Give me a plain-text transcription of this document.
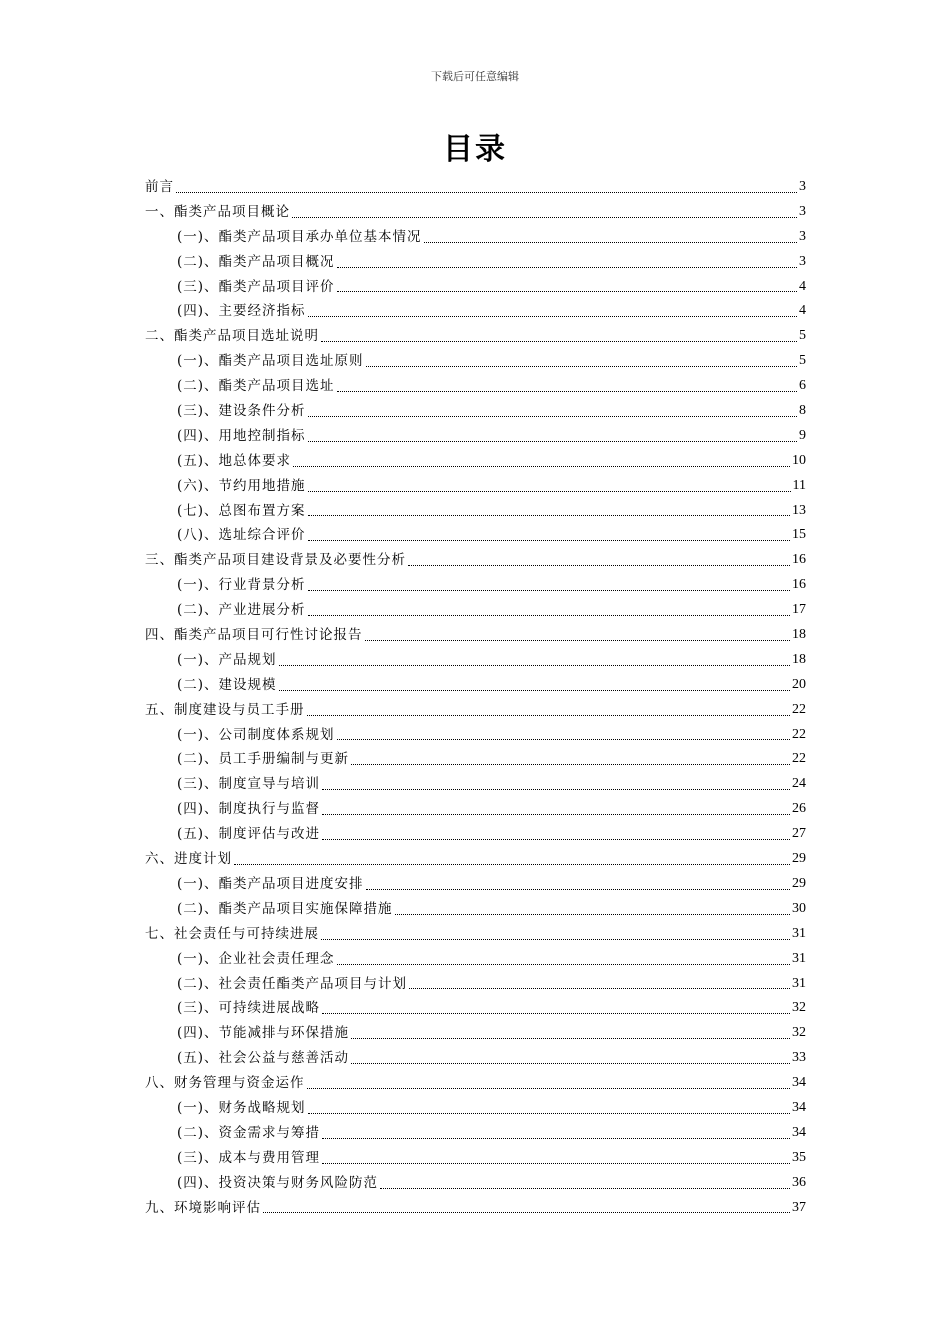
下载后可任意编辑
目录
前言	3
一、酯类产品项目概论	3
(一)、酯类产品项目承办单位基本情况	3
(二)、酯类产品项目概况	3
(三)、酯类产品项目评价	4
(四)、主要经济指标	4
二、酯类产品项目选址说明	5
(一)、酯类产品项目选址原则	5
(二)、酯类产品项目选址	6
(三)、建设条件分析	8
(四)、用地控制指标	9
(五)、地总体要求	10
(六)、节约用地措施	11
(七)、总图布置方案	13
(八)、选址综合评价	15
三、酯类产品项目建设背景及必要性分析	16
(一)、行业背景分析	16
(二)、产业进展分析	17
四、酯类产品项目可行性讨论报告	18
(一)、产品规划	18
(二)、建设规模	20
五、制度建设与员工手册	22
(一)、公司制度体系规划	22
(二)、员工手册编制与更新	22
(三)、制度宣导与培训	24
(四)、制度执行与监督	26
(五)、制度评估与改进	27
六、进度计划	29
(一)、酯类产品项目进度安排	29
(二)、酯类产品项目实施保障措施	30
七、社会责任与可持续进展	31
(一)、企业社会责任理念	31
(二)、社会责任酯类产品项目与计划	31
(三)、可持续进展战略	32
(四)、节能减排与环保措施	32
(五)、社会公益与慈善活动	33
八、财务管理与资金运作	34
(一)、财务战略规划	34
(二)、资金需求与筹措	34
(三)、成本与费用管理	35
(四)、投资决策与财务风险防范	36
九、环境影响评估	37
